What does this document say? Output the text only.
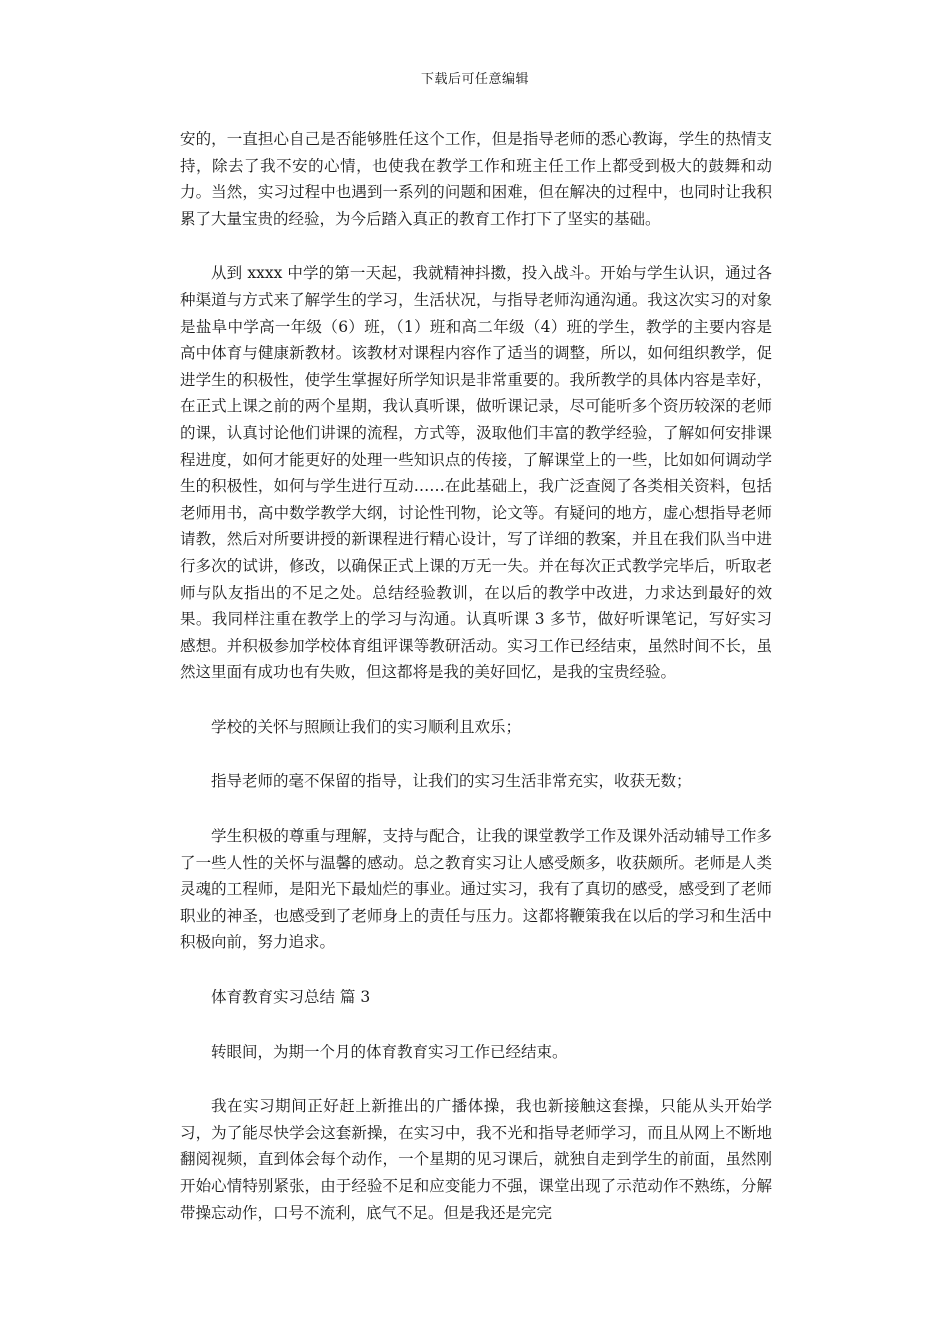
下载后可任意编辑

安的，一直担心自己是否能够胜任这个工作，但是指导老师的悉心教诲，学生的热情支持，除去了我不安的心情，也使我在教学工作和班主任工作上都受到极大的鼓舞和动力。当然，实习过程中也遇到一系列的问题和困难，但在解决的过程中，也同时让我积累了大量宝贵的经验，为今后踏入真正的教育工作打下了坚实的基础。

从到 xxxx 中学的第一天起，我就精神抖擞，投入战斗。开始与学生认识，通过各种渠道与方式来了解学生的学习，生活状况，与指导老师沟通沟通。我这次实习的对象是盐阜中学高一年级（6）班，（1）班和高二年级（4）班的学生，教学的主要内容是高中体育与健康新教材。该教材对课程内容作了适当的调整，所以，如何组织教学，促进学生的积极性，使学生掌握好所学知识是非常重要的。我所教学的具体内容是幸好，在正式上课之前的两个星期，我认真听课，做听课记录，尽可能听多个资历较深的老师的课，认真讨论他们讲课的流程，方式等，汲取他们丰富的教学经验，了解如何安排课程进度，如何才能更好的处理一些知识点的传接，了解课堂上的一些，比如如何调动学生的积极性，如何与学生进行互动……在此基础上，我广泛查阅了各类相关资料，包括老师用书，高中数学教学大纲，讨论性刊物，论文等。有疑问的地方，虚心想指导老师请教，然后对所要讲授的新课程进行精心设计，写了详细的教案，并且在我们队当中进行多次的试讲，修改，以确保正式上课的万无一失。并在每次正式教学完毕后，听取老师与队友指出的不足之处。总结经验教训，在以后的教学中改进，力求达到最好的效果。我同样注重在教学上的学习与沟通。认真听课 3 多节，做好听课笔记，写好实习感想。并积极参加学校体育组评课等教研活动。实习工作已经结束，虽然时间不长，虽然这里面有成功也有失败，但这都将是我的美好回忆，是我的宝贵经验。

学校的关怀与照顾让我们的实习顺利且欢乐；

指导老师的毫不保留的指导，让我们的实习生活非常充实，收获无数；

学生积极的尊重与理解，支持与配合，让我的课堂教学工作及课外活动辅导工作多了一些人性的关怀与温馨的感动。总之教育实习让人感受颇多，收获颇所。老师是人类灵魂的工程师，是阳光下最灿烂的事业。通过实习，我有了真切的感受，感受到了老师职业的神圣，也感受到了老师身上的责任与压力。这都将鞭策我在以后的学习和生活中积极向前，努力追求。

体育教育实习总结 篇 3

转眼间，为期一个月的体育教育实习工作已经结束。

我在实习期间正好赶上新推出的广播体操，我也新接触这套操，只能从头开始学习，为了能尽快学会这套新操，在实习中，我不光和指导老师学习，而且从网上不断地翻阅视频，直到体会每个动作，一个星期的见习课后，就独自走到学生的前面，虽然刚开始心情特别紧张，由于经验不足和应变能力不强，课堂出现了示范动作不熟练，分解带操忘动作，口号不流利，底气不足。但是我还是完完
